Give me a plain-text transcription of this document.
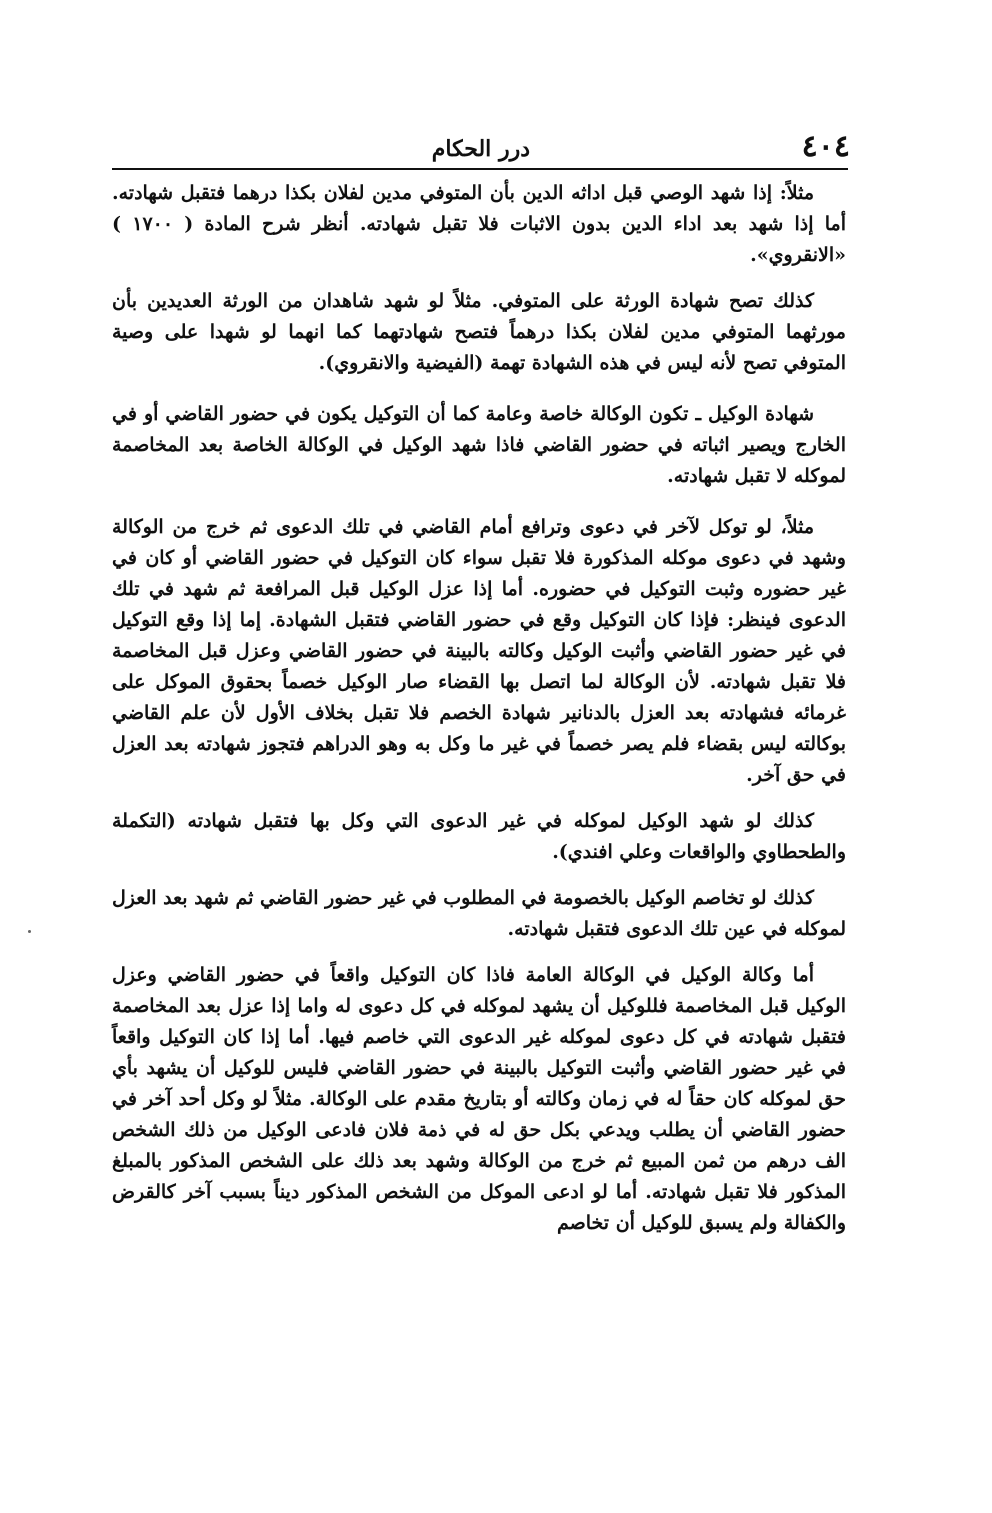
٤٠٤
درر الحكام

مثلاً: إذا شهد الوصي قبل اداثه الدين بأن المتوفي مدين لفلان بكذا درهما فتقبل شهادته. أما إذا شهد بعد اداء الدين بدون الاثبات فلا تقبل شهادته. أنظر شرح المادة ( ١٧٠٠ ) «الانقروي».

كذلك تصح شهادة الورثة على المتوفي. مثلاً لو شهد شاهدان من الورثة العديدين بأن مورثهما المتوفي مدين لفلان بكذا درهماً فتصح شهادتهما كما انهما لو شهدا على وصية المتوفي تصح لأنه ليس في هذه الشهادة تهمة (الفيضية والانقروي).

شهادة الوكيل ـ تكون الوكالة خاصة وعامة كما أن التوكيل يكون في حضور القاضي أو في الخارج ويصير اثباته في حضور القاضي فاذا شهد الوكيل في الوكالة الخاصة بعد المخاصمة لموكله لا تقبل شهادته.

مثلاً، لو توكل لآخر في دعوى وترافع أمام القاضي في تلك الدعوى ثم خرج من الوكالة وشهد في دعوى موكله المذكورة فلا تقبل سواء كان التوكيل في حضور القاضي أو كان في غير حضوره وثبت التوكيل في حضوره. أما إذا عزل الوكيل قبل المرافعة ثم شهد في تلك الدعوى فينظر: فإذا كان التوكيل وقع في حضور القاضي فتقبل الشهادة. إما إذا وقع التوكيل في غير حضور القاضي وأثبت الوكيل وكالته بالبينة في حضور القاضي وعزل قبل المخاصمة فلا تقبل شهادته. لأن الوكالة لما اتصل بها القضاء صار الوكيل خصماً بحقوق الموكل على غرمائه فشهادته بعد العزل بالدنانير شهادة الخصم فلا تقبل بخلاف الأول لأن علم القاضي بوكالته ليس بقضاء فلم يصر خصماً في غير ما وكل به وهو الدراهم فتجوز شهادته بعد العزل في حق آخر.

كذلك لو شهد الوكيل لموكله في غير الدعوى التي وكل بها فتقبل شهادته (التكملة والطحطاوي والواقعات وعلي افندي).

كذلك لو تخاصم الوكيل بالخصومة في المطلوب في غير حضور القاضي ثم شهد بعد العزل لموكله في عين تلك الدعوى فتقبل شهادته.

أما وكالة الوكيل في الوكالة العامة فاذا كان التوكيل واقعاً في حضور القاضي وعزل الوكيل قبل المخاصمة فللوكيل أن يشهد لموكله في كل دعوى له واما إذا عزل بعد المخاصمة فتقبل شهادته في كل دعوى لموكله غير الدعوى التي خاصم فيها. أما إذا كان التوكيل واقعاً في غير حضور القاضي وأثبت التوكيل بالبينة في حضور القاضي فليس للوكيل أن يشهد بأي حق لموكله كان حقاً له في زمان وكالته أو بتاريخ مقدم على الوكالة. مثلاً لو وكل أحد آخر في حضور القاضي أن يطلب ويدعي بكل حق له في ذمة فلان فادعى الوكيل من ذلك الشخص الف درهم من ثمن المبيع ثم خرج من الوكالة وشهد بعد ذلك على الشخص المذكور بالمبلغ المذكور فلا تقبل شهادته. أما لو ادعى الموكل من الشخص المذكور ديناً بسبب آخر كالقرض والكفالة ولم يسبق للوكيل أن تخاصم
